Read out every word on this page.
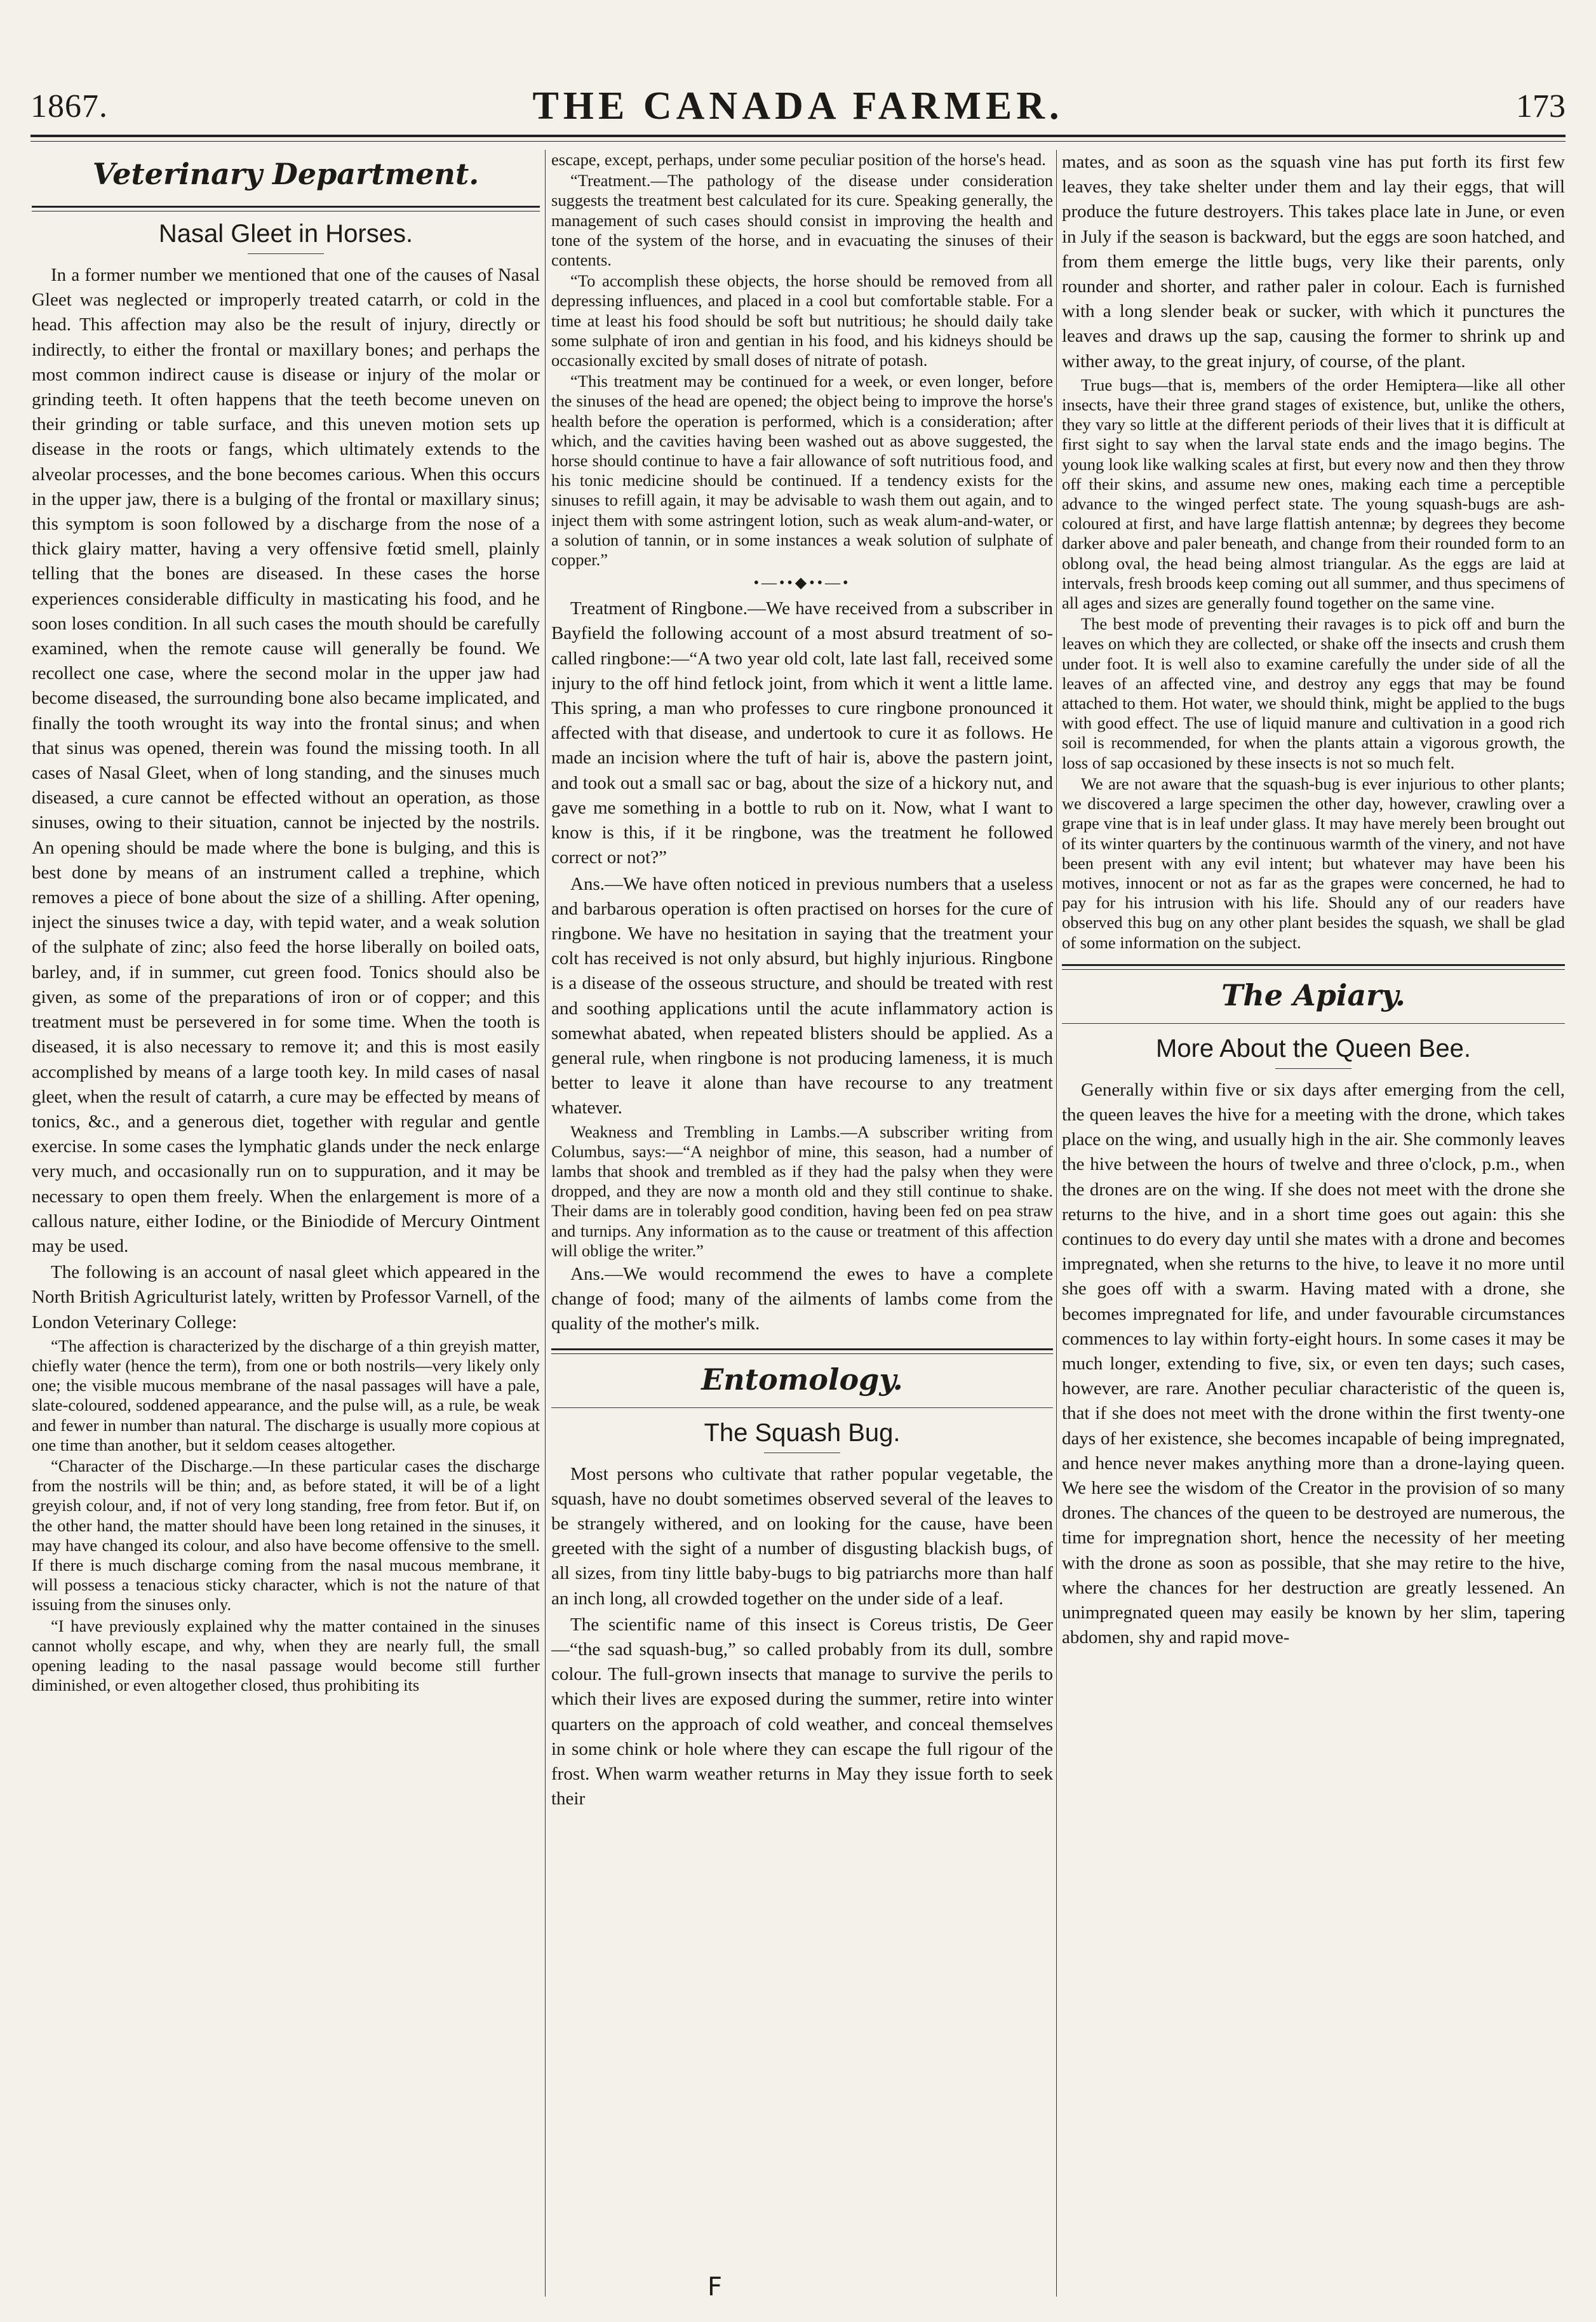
1867.	THE CANADA FARMER.	173
Veterinary Department.
Nasal Gleet in Horses.

In a former number we mentioned that one of the causes of Nasal Gleet was neglected or improperly treated catarrh, or cold in the head. This affection may also be the result of injury, directly or indirectly, to either the frontal or maxillary bones; and perhaps the most common indirect cause is disease or injury of the molar or grinding teeth. It often happens that the teeth become uneven on their grinding or table surface, and this uneven motion sets up disease in the roots or fangs, which ultimately extends to the alveolar processes, and the bone becomes carious. When this occurs in the upper jaw, there is a bulging of the frontal or maxillary sinus; this symptom is soon followed by a discharge from the nose of a thick glairy matter, having a very offensive fœtid smell, plainly telling that the bones are diseased. In these cases the horse experiences considerable difficulty in masticating his food, and he soon loses condition. In all such cases the mouth should be carefully examined, when the remote cause will generally be found. We recollect one case, where the second molar in the upper jaw had become diseased, the surrounding bone also became implicated, and finally the tooth wrought its way into the frontal sinus; and when that sinus was opened, therein was found the missing tooth. In all cases of Nasal Gleet, when of long standing, and the sinuses much diseased, a cure cannot be effected without an operation, as those sinuses, owing to their situation, cannot be injected by the nostrils. An opening should be made where the bone is bulging, and this is best done by means of an instrument called a trephine, which removes a piece of bone about the size of a shilling. After opening, inject the sinuses twice a day, with tepid water, and a weak solution of the sulphate of zinc; also feed the horse liberally on boiled oats, barley, and, if in summer, cut green food. Tonics should also be given, as some of the preparations of iron or of copper; and this treatment must be persevered in for some time. When the tooth is diseased, it is also necessary to remove it; and this is most easily accomplished by means of a large tooth key. In mild cases of nasal gleet, when the result of catarrh, a cure may be effected by means of tonics, &c., and a generous diet, together with regular and gentle exercise. In some cases the lymphatic glands under the neck enlarge very much, and occasionally run on to suppuration, and it may be necessary to open them freely. When the enlargement is more of a callous nature, either Iodine, or the Biniodide of Mercury Ointment may be used.

The following is an account of nasal gleet which appeared in the North British Agriculturist lately, written by Professor Varnell, of the London Veterinary College:

“The affection is characterized by the discharge of a thin greyish matter, chiefly water (hence the term), from one or both nostrils—very likely only one; the visible mucous membrane of the nasal passages will have a pale, slate-coloured, soddened appearance, and the pulse will, as a rule, be weak and fewer in number than natural. The discharge is usually more copious at one time than another, but it seldom ceases altogether.

“Character of the Discharge.—In these particular cases the discharge from the nostrils will be thin; and, as before stated, it will be of a light greyish colour, and, if not of very long standing, free from fetor. But if, on the other hand, the matter should have been long retained in the sinuses, it may have changed its colour, and also have become offensive to the smell. If there is much discharge coming from the nasal mucous membrane, it will possess a tenacious sticky character, which is not the nature of that issuing from the sinuses only.

“I have previously explained why the matter contained in the sinuses cannot wholly escape, and why, when they are nearly full, the small opening leading to the nasal passage would become still further diminished, or even altogether closed, thus prohibiting its

escape, except, perhaps, under some peculiar position of the horse's head.

“Treatment.—The pathology of the disease under consideration suggests the treatment best calculated for its cure. Speaking generally, the management of such cases should consist in improving the health and tone of the system of the horse, and in evacuating the sinuses of their contents.

“To accomplish these objects, the horse should be removed from all depressing influences, and placed in a cool but comfortable stable. For a time at least his food should be soft but nutritious; he should daily take some sulphate of iron and gentian in his food, and his kidneys should be occasionally excited by small doses of nitrate of potash.

“This treatment may be continued for a week, or even longer, before the sinuses of the head are opened; the object being to improve the horse's health before the operation is performed, which is a consideration; after which, and the cavities having been washed out as above suggested, the horse should continue to have a fair allowance of soft nutritious food, and his tonic medicine should be continued. If a tendency exists for the sinuses to refill again, it may be advisable to wash them out again, and to inject them with some astringent lotion, such as weak alum-and-water, or a solution of tannin, or in some instances a weak solution of sulphate of copper.”

•—••◆••—•

Treatment of Ringbone.—We have received from a subscriber in Bayfield the following account of a most absurd treatment of so-called ringbone:—“A two year old colt, late last fall, received some injury to the off hind fetlock joint, from which it went a little lame. This spring, a man who professes to cure ringbone pronounced it affected with that disease, and undertook to cure it as follows. He made an incision where the tuft of hair is, above the pastern joint, and took out a small sac or bag, about the size of a hickory nut, and gave me something in a bottle to rub on it. Now, what I want to know is this, if it be ringbone, was the treatment he followed correct or not?”

Ans.—We have often noticed in previous numbers that a useless and barbarous operation is often practised on horses for the cure of ringbone. We have no hesitation in saying that the treatment your colt has received is not only absurd, but highly injurious. Ringbone is a disease of the osseous structure, and should be treated with rest and soothing applications until the acute inflammatory action is somewhat abated, when repeated blisters should be applied. As a general rule, when ringbone is not producing lameness, it is much better to leave it alone than have recourse to any treatment whatever.

Weakness and Trembling in Lambs.—A subscriber writing from Columbus, says:—“A neighbor of mine, this season, had a number of lambs that shook and trembled as if they had the palsy when they were dropped, and they are now a month old and they still continue to shake. Their dams are in tolerably good condition, having been fed on pea straw and turnips. Any information as to the cause or treatment of this affection will oblige the writer.”

Ans.—We would recommend the ewes to have a complete change of food; many of the ailments of lambs come from the quality of the mother's milk.

Entomology.
The Squash Bug.

Most persons who cultivate that rather popular vegetable, the squash, have no doubt sometimes observed several of the leaves to be strangely withered, and on looking for the cause, have been greeted with the sight of a number of disgusting blackish bugs, of all sizes, from tiny little baby-bugs to big patriarchs more than half an inch long, all crowded together on the under side of a leaf.

The scientific name of this insect is Coreus tristis, De Geer—“the sad squash-bug,” so called probably from its dull, sombre colour. The full-grown insects that manage to survive the perils to which their lives are exposed during the summer, retire into winter quarters on the approach of cold weather, and conceal themselves in some chink or hole where they can escape the full rigour of the frost. When warm weather returns in May they issue forth to seek their

mates, and as soon as the squash vine has put forth its first few leaves, they take shelter under them and lay their eggs, that will produce the future destroyers. This takes place late in June, or even in July if the season is backward, but the eggs are soon hatched, and from them emerge the little bugs, very like their parents, only rounder and shorter, and rather paler in colour. Each is furnished with a long slender beak or sucker, with which it punctures the leaves and draws up the sap, causing the former to shrink up and wither away, to the great injury, of course, of the plant.

True bugs—that is, members of the order Hemiptera—like all other insects, have their three grand stages of existence, but, unlike the others, they vary so little at the different periods of their lives that it is difficult at first sight to say when the larval state ends and the imago begins. The young look like walking scales at first, but every now and then they throw off their skins, and assume new ones, making each time a perceptible advance to the winged perfect state. The young squash-bugs are ash-coloured at first, and have large flattish antennæ; by degrees they become darker above and paler beneath, and change from their rounded form to an oblong oval, the head being almost triangular. As the eggs are laid at intervals, fresh broods keep coming out all summer, and thus specimens of all ages and sizes are generally found together on the same vine.

The best mode of preventing their ravages is to pick off and burn the leaves on which they are collected, or shake off the insects and crush them under foot. It is well also to examine carefully the under side of all the leaves of an affected vine, and destroy any eggs that may be found attached to them. Hot water, we should think, might be applied to the bugs with good effect. The use of liquid manure and cultivation in a good rich soil is recommended, for when the plants attain a vigorous growth, the loss of sap occasioned by these insects is not so much felt.

We are not aware that the squash-bug is ever injurious to other plants; we discovered a large specimen the other day, however, crawling over a grape vine that is in leaf under glass. It may have merely been brought out of its winter quarters by the continuous warmth of the vinery, and not have been present with any evil intent; but whatever may have been his motives, innocent or not as far as the grapes were concerned, he had to pay for his intrusion with his life. Should any of our readers have observed this bug on any other plant besides the squash, we shall be glad of some information on the subject.

The Apiary.
More About the Queen Bee.

Generally within five or six days after emerging from the cell, the queen leaves the hive for a meeting with the drone, which takes place on the wing, and usually high in the air. She commonly leaves the hive between the hours of twelve and three o'clock, p.m., when the drones are on the wing. If she does not meet with the drone she returns to the hive, and in a short time goes out again: this she continues to do every day until she mates with a drone and becomes impregnated, when she returns to the hive, to leave it no more until she goes off with a swarm. Having mated with a drone, she becomes impregnated for life, and under favourable circumstances commences to lay within forty-eight hours. In some cases it may be much longer, extending to five, six, or even ten days; such cases, however, are rare. Another peculiar characteristic of the queen is, that if she does not meet with the drone within the first twenty-one days of her existence, she becomes incapable of being impregnated, and hence never makes anything more than a drone-laying queen. We here see the wisdom of the Creator in the provision of so many drones. The chances of the queen to be destroyed are numerous, the time for impregnation short, hence the necessity of her meeting with the drone as soon as possible, that she may retire to the hive, where the chances for her destruction are greatly lessened. An unimpregnated queen may easily be known by her slim, tapering abdomen, shy and rapid move-

F
